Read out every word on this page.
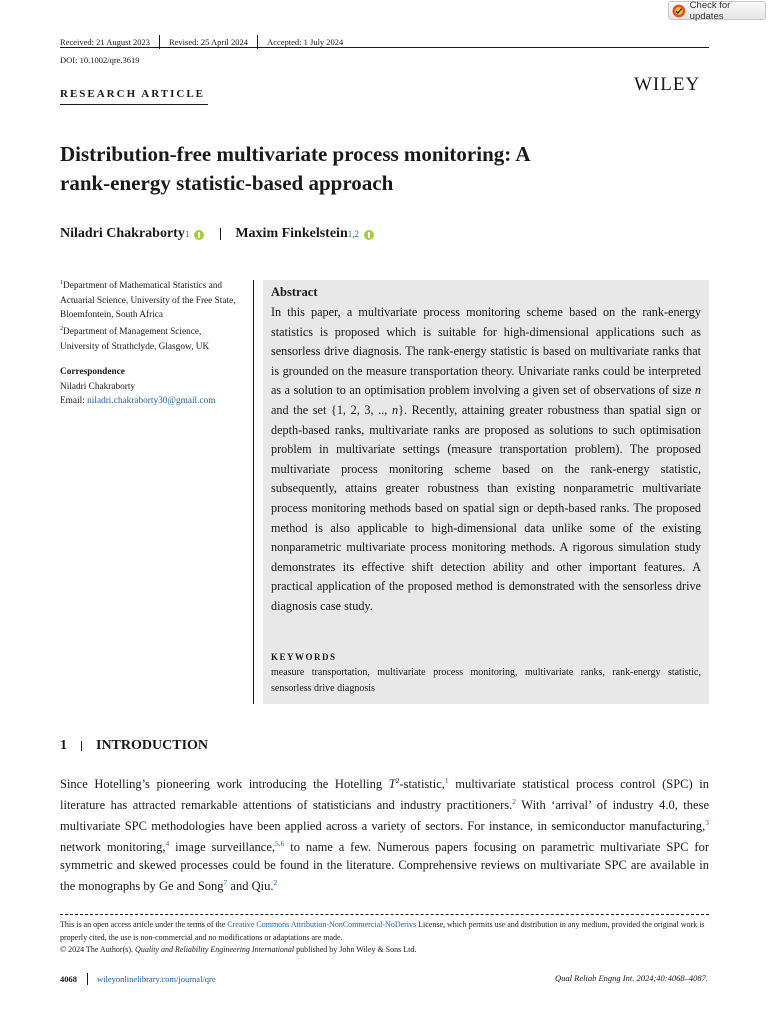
Check for updates
Received: 21 August 2023	Revised: 25 April 2024	Accepted: 1 July 2024
DOI: 10.1002/qre.3619
WILEY
RESEARCH ARTICLE
Distribution-free multivariate process monitoring: A
rank-energy statistic-based approach
Niladri Chakraborty 1	Maxim Finkelstein 1,2
$^1$Department of Mathematical Statistics and Actuarial Science, University of the Free State, Bloemfontein, South Africa
$^2$Department of Management Science, University of Strathclyde, Glasgow, UK
Correspondence
Niladri Chakraborty
Email: niladri.chakraborty30@gmail.com
Abstract
In this paper, a multivariate process monitoring scheme based on the rank-energy statistics is proposed which is suitable for high-dimensional applications such as sensorless drive diagnosis. The rank-energy statistic is based on multivariate ranks that is grounded on the measure transportation theory. Univariate ranks could be interpreted as a solution to an optimisation problem involving a given set of observations of size n and the set {1, 2, 3, .., n}. Recently, attaining greater robustness than spatial sign or depth-based ranks, multivariate ranks are proposed as solutions to such optimisation problem in multivariate settings (measure transportation problem). The proposed multivariate process monitoring scheme based on the rank-energy statistic, subsequently, attains greater robustness than existing nonparametric multivariate process monitoring methods based on spatial sign or depth-based ranks. The proposed method is also applicable to high-dimensional data unlike some of the existing nonparametric multivariate process monitoring methods. A rigorous simulation study demonstrates its effective shift detection ability and other important features. A practical application of the proposed method is demonstrated with the sensorless drive diagnosis case study.
KEYWORDS
measure transportation, multivariate process monitoring, multivariate ranks, rank-energy statistic, sensorless drive diagnosis
1 INTRODUCTION
Since Hotelling’s pioneering work introducing the Hotelling $T^2-statistic,^1$ multivariate statistical process control (SPC) in literature has attracted remarkable attentions of statisticians and industry practitioners.$^2$ With ‘arrival’ of industry 4.0, these multivariate SPC methodologies have been applied across a variety of sectors. For instance, in semiconductor manufacturing,$^3$ network monitoring,$^4$ image surveillance,$^{5,6}$ to name a few. Numerous papers focusing on parametric multivariate SPC for symmetric and skewed processes could be found in the literature. Comprehensive reviews on multivariate SPC are available in the monographs by Ge and Song$^7$ and Qiu.$^2$
This is an open access article under the terms of the Creative Commons Attribution-NonCommercial-NoDerivs License, which permits use and distribution in any medium, provided the original work is properly cited, the use is non-commercial and no modifications or adaptations are made.
© 2024 The Author(s). Quality and Reliability Engineering International published by John Wiley & Sons Ltd.
4068 wileyonlinelibrary.com/journal/qre	Qual Reliab Engng Int. 2024;40:4068–4087.
